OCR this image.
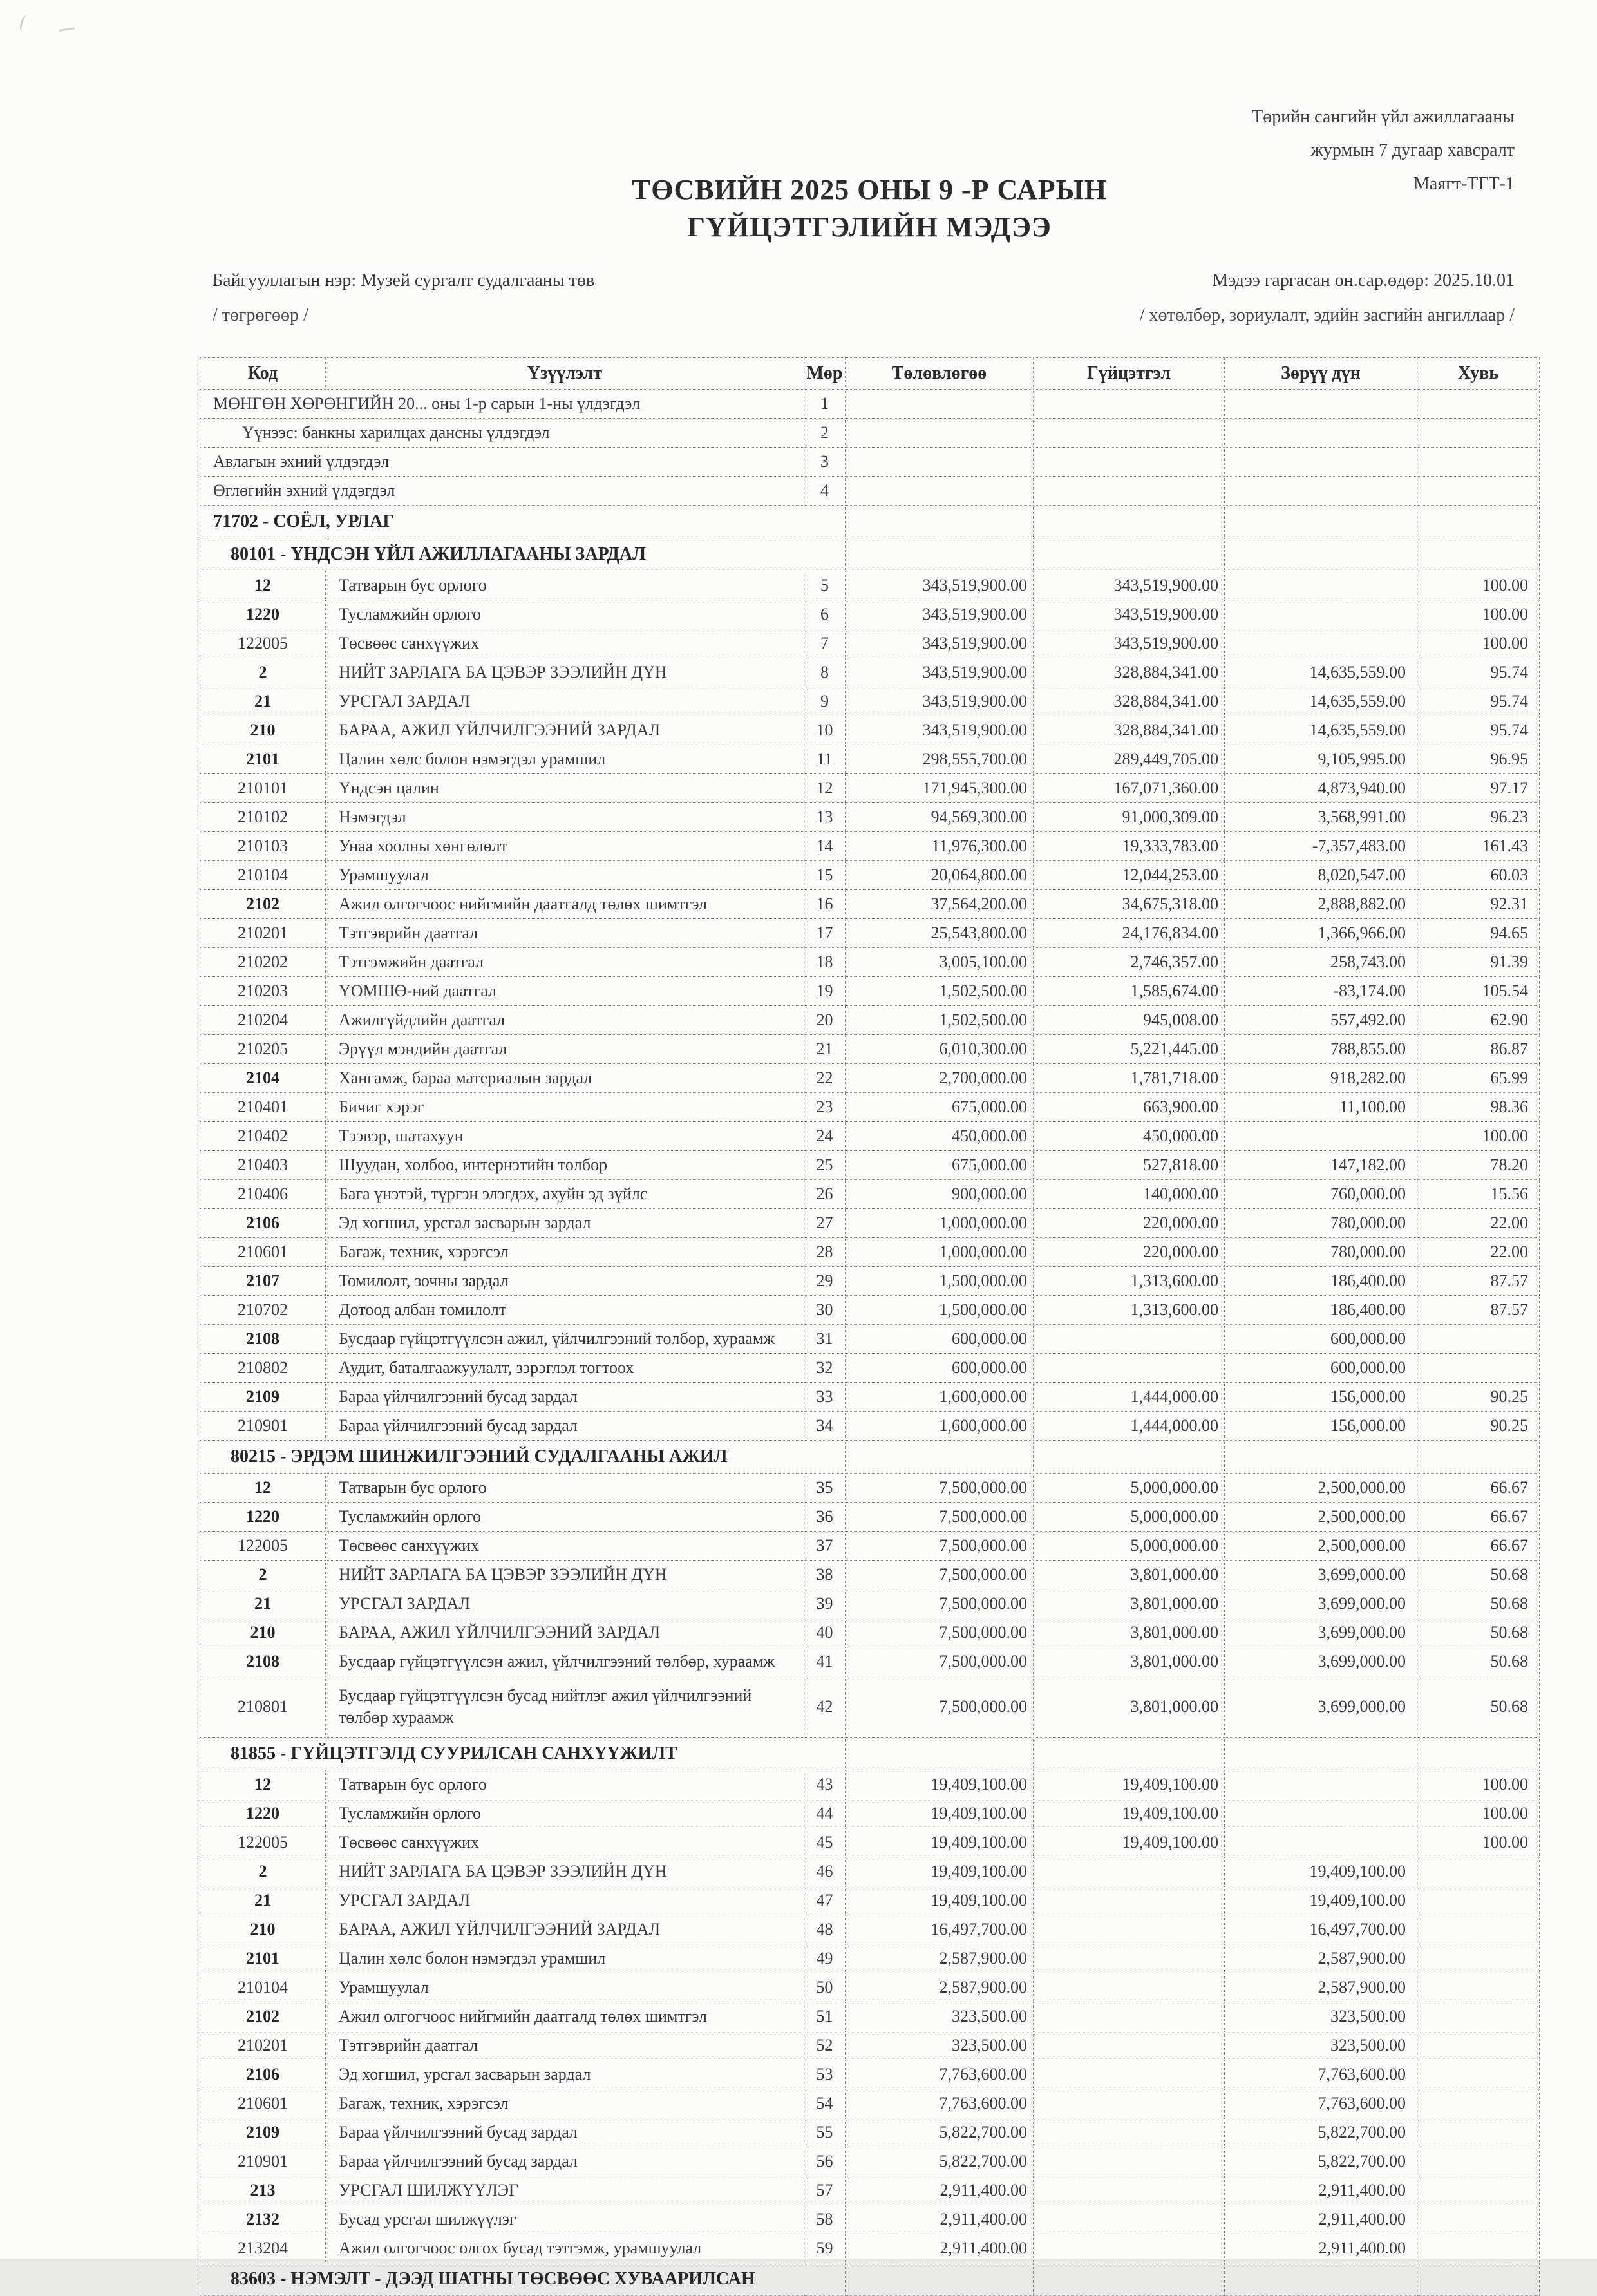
Төрийн сангийн үйл ажиллагааны
журмын 7 дугаар хавсралт
Маягт-ТГТ-1
ТӨСВИЙН 2025 ОНЫ 9 -Р САРЫН
ГҮЙЦЭТГЭЛИЙН МЭДЭЭ
Байгууллагын нэр: Музей сургалт судалгааны төв
/ төгрөгөөр /
Мэдээ гаргасан он.сар.өдөр: 2025.10.01
/ хөтөлбөр, зориулалт, эдийн засгийн ангиллаар /
Код	Үзүүлэлт	Мөр	Төлөвлөгөө	Гүйцэтгэл	Зөрүү дүн	Хувь
МӨНГӨН ХӨРӨНГИЙН 20... оны 1-р сарын 1-ны үлдэгдэл		1				
Үүнээс: банкны харилцах дансны үлдэгдэл		2				
Авлагын эхний үлдэгдэл		3				
Өглөгийн эхний үлдэгдэл		4				
71702 - СОЁЛ, УРЛАГ						
80101 - ҮНДСЭН ҮЙЛ АЖИЛЛАГААНЫ ЗАРДАЛ						
12	Татварын бус орлого	5	343,519,900.00	343,519,900.00		100.00
1220	Тусламжийн орлого	6	343,519,900.00	343,519,900.00		100.00
122005	Төсвөөс санхүүжих	7	343,519,900.00	343,519,900.00		100.00
2	НИЙТ ЗАРЛАГА БА ЦЭВЭР ЗЭЭЛИЙН ДҮН	8	343,519,900.00	328,884,341.00	14,635,559.00	95.74
21	УРСГАЛ ЗАРДАЛ	9	343,519,900.00	328,884,341.00	14,635,559.00	95.74
210	БАРАА, АЖИЛ ҮЙЛЧИЛГЭЭНИЙ ЗАРДАЛ	10	343,519,900.00	328,884,341.00	14,635,559.00	95.74
2101	Цалин хөлс болон нэмэгдэл урамшил	11	298,555,700.00	289,449,705.00	9,105,995.00	96.95
210101	Үндсэн цалин	12	171,945,300.00	167,071,360.00	4,873,940.00	97.17
210102	Нэмэгдэл	13	94,569,300.00	91,000,309.00	3,568,991.00	96.23
210103	Унаа хоолны хөнгөлөлт	14	11,976,300.00	19,333,783.00	-7,357,483.00	161.43
210104	Урамшуулал	15	20,064,800.00	12,044,253.00	8,020,547.00	60.03
2102	Ажил олгогчоос нийгмийн даатгалд төлөх шимтгэл	16	37,564,200.00	34,675,318.00	2,888,882.00	92.31
210201	Тэтгэврийн даатгал	17	25,543,800.00	24,176,834.00	1,366,966.00	94.65
210202	Тэтгэмжийн даатгал	18	3,005,100.00	2,746,357.00	258,743.00	91.39
210203	ҮОМШӨ-ний даатгал	19	1,502,500.00	1,585,674.00	-83,174.00	105.54
210204	Ажилгүйдлийн даатгал	20	1,502,500.00	945,008.00	557,492.00	62.90
210205	Эрүүл мэндийн даатгал	21	6,010,300.00	5,221,445.00	788,855.00	86.87
2104	Хангамж, бараа материалын зардал	22	2,700,000.00	1,781,718.00	918,282.00	65.99
210401	Бичиг хэрэг	23	675,000.00	663,900.00	11,100.00	98.36
210402	Тээвэр, шатахуун	24	450,000.00	450,000.00		100.00
210403	Шуудан, холбоо, интернэтийн төлбөр	25	675,000.00	527,818.00	147,182.00	78.20
210406	Бага үнэтэй, түргэн элэгдэх, ахуйн эд зүйлс	26	900,000.00	140,000.00	760,000.00	15.56
2106	Эд хогшил, урсгал засварын зардал	27	1,000,000.00	220,000.00	780,000.00	22.00
210601	Багаж, техник, хэрэгсэл	28	1,000,000.00	220,000.00	780,000.00	22.00
2107	Томилолт, зочны зардал	29	1,500,000.00	1,313,600.00	186,400.00	87.57
210702	Дотоод албан томилолт	30	1,500,000.00	1,313,600.00	186,400.00	87.57
2108	Бусдаар гүйцэтгүүлсэн ажил, үйлчилгээний төлбөр, хураамж	31	600,000.00		600,000.00	
210802	Аудит, баталгаажуулалт, зэрэглэл тогтоох	32	600,000.00		600,000.00	
2109	Бараа үйлчилгээний бусад зардал	33	1,600,000.00	1,444,000.00	156,000.00	90.25
210901	Бараа үйлчилгээний бусад зардал	34	1,600,000.00	1,444,000.00	156,000.00	90.25
80215 - ЭРДЭМ ШИНЖИЛГЭЭНИЙ СУДАЛГААНЫ АЖИЛ						
12	Татварын бус орлого	35	7,500,000.00	5,000,000.00	2,500,000.00	66.67
1220	Тусламжийн орлого	36	7,500,000.00	5,000,000.00	2,500,000.00	66.67
122005	Төсвөөс санхүүжих	37	7,500,000.00	5,000,000.00	2,500,000.00	66.67
2	НИЙТ ЗАРЛАГА БА ЦЭВЭР ЗЭЭЛИЙН ДҮН	38	7,500,000.00	3,801,000.00	3,699,000.00	50.68
21	УРСГАЛ ЗАРДАЛ	39	7,500,000.00	3,801,000.00	3,699,000.00	50.68
210	БАРАА, АЖИЛ ҮЙЛЧИЛГЭЭНИЙ ЗАРДАЛ	40	7,500,000.00	3,801,000.00	3,699,000.00	50.68
2108	Бусдаар гүйцэтгүүлсэн ажил, үйлчилгээний төлбөр, хураамж	41	7,500,000.00	3,801,000.00	3,699,000.00	50.68
210801	Бусдаар гүйцэтгүүлсэн бусад нийтлэг ажил үйлчилгээний төлбөр хураамж	42	7,500,000.00	3,801,000.00	3,699,000.00	50.68
81855 - ГҮЙЦЭТГЭЛД СУУРИЛСАН САНХҮҮЖИЛТ						
12	Татварын бус орлого	43	19,409,100.00	19,409,100.00		100.00
1220	Тусламжийн орлого	44	19,409,100.00	19,409,100.00		100.00
122005	Төсвөөс санхүүжих	45	19,409,100.00	19,409,100.00		100.00
2	НИЙТ ЗАРЛАГА БА ЦЭВЭР ЗЭЭЛИЙН ДҮН	46	19,409,100.00		19,409,100.00	
21	УРСГАЛ ЗАРДАЛ	47	19,409,100.00		19,409,100.00	
210	БАРАА, АЖИЛ ҮЙЛЧИЛГЭЭНИЙ ЗАРДАЛ	48	16,497,700.00		16,497,700.00	
2101	Цалин хөлс болон нэмэгдэл урамшил	49	2,587,900.00		2,587,900.00	
210104	Урамшуулал	50	2,587,900.00		2,587,900.00	
2102	Ажил олгогчоос нийгмийн даатгалд төлөх шимтгэл	51	323,500.00		323,500.00	
210201	Тэтгэврийн даатгал	52	323,500.00		323,500.00	
2106	Эд хогшил, урсгал засварын зардал	53	7,763,600.00		7,763,600.00	
210601	Багаж, техник, хэрэгсэл	54	7,763,600.00		7,763,600.00	
2109	Бараа үйлчилгээний бусад зардал	55	5,822,700.00		5,822,700.00	
210901	Бараа үйлчилгээний бусад зардал	56	5,822,700.00		5,822,700.00	
213	УРСГАЛ ШИЛЖҮҮЛЭГ	57	2,911,400.00		2,911,400.00	
2132	Бусад урсгал шилжүүлэг	58	2,911,400.00		2,911,400.00	
213204	Ажил олгогчоос олгох бусад тэтгэмж, урамшуулал	59	2,911,400.00		2,911,400.00	
83603 - НЭМЭЛТ - ДЭЭД ШАТНЫ ТӨСВӨӨС ХУВААРИЛСАН						
